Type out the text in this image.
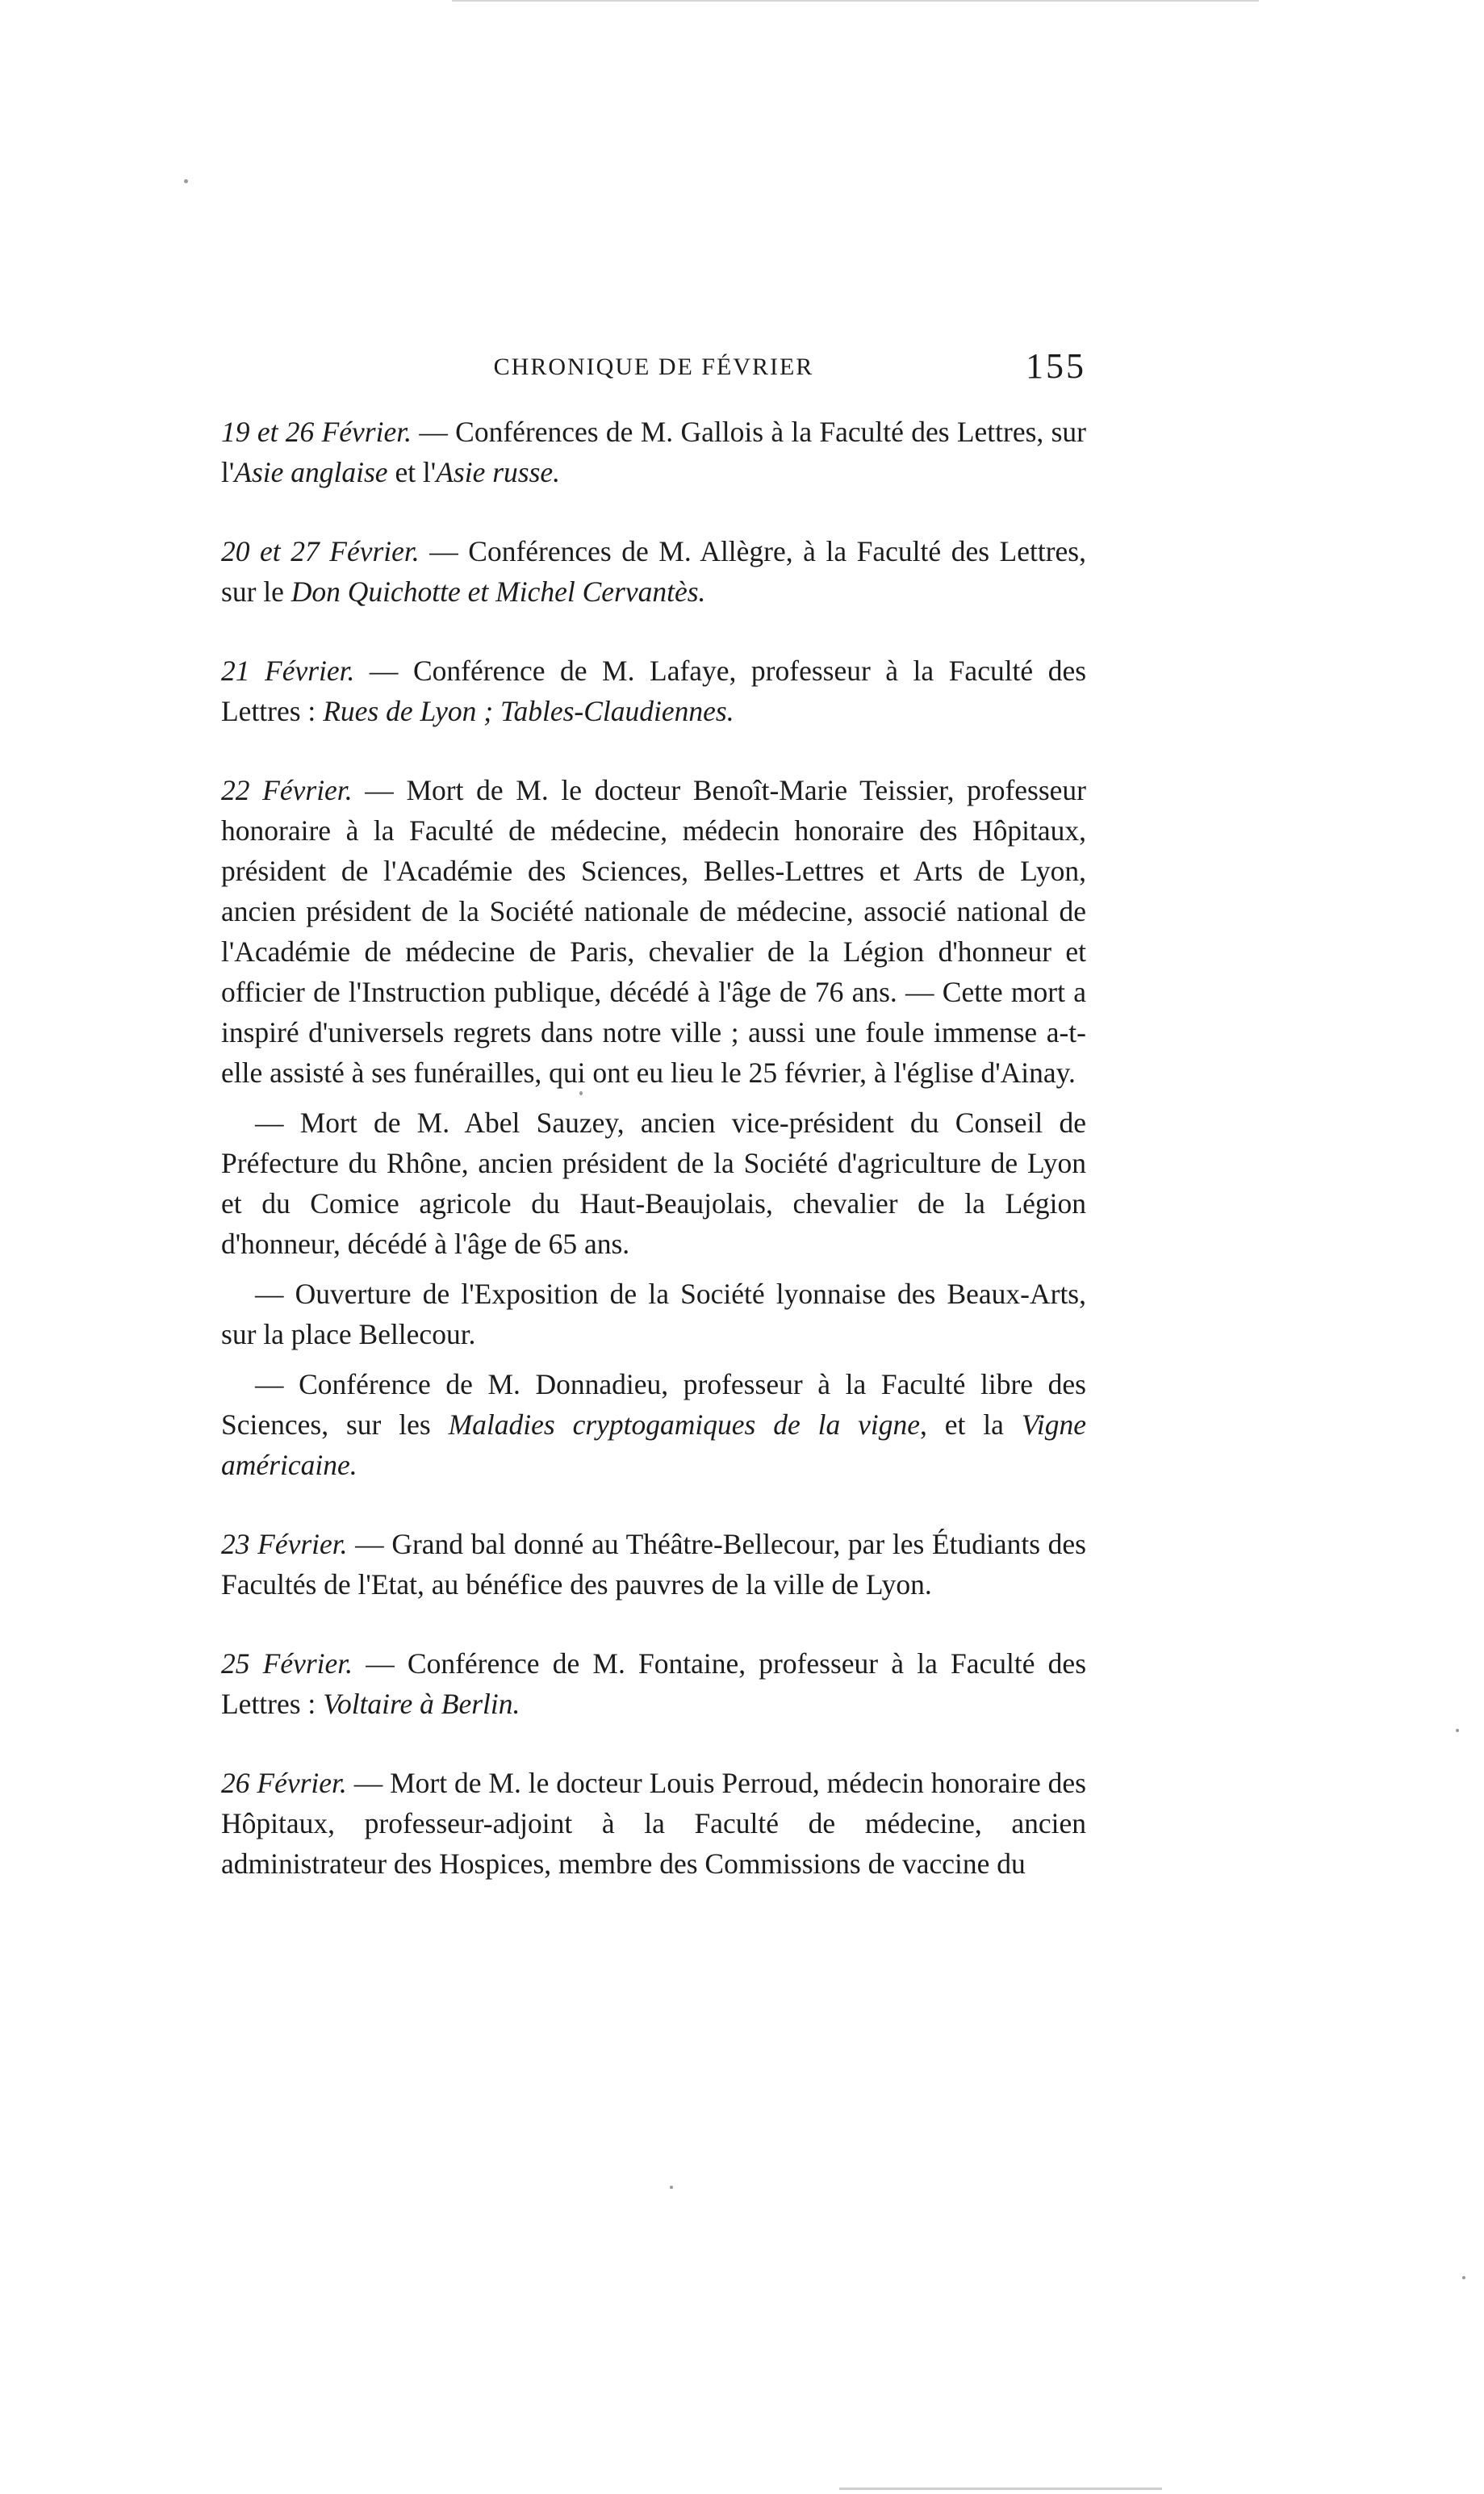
CHRONIQUE DE FÉVRIER	155

19 et 26 Février. — Conférences de M. Gallois à la Faculté des Lettres, sur l'Asie anglaise et l'Asie russe.

20 et 27 Février. — Conférences de M. Allègre, à la Faculté des Lettres, sur le Don Quichotte et Michel Cervantès.

21 Février. — Conférence de M. Lafaye, professeur à la Faculté des Lettres : Rues de Lyon ; Tables-Claudiennes.

22 Février. — Mort de M. le docteur Benoît-Marie Teissier, professeur honoraire à la Faculté de médecine, médecin honoraire des Hôpitaux, président de l'Académie des Sciences, Belles-Lettres et Arts de Lyon, ancien président de la Société nationale de médecine, associé national de l'Académie de médecine de Paris, chevalier de la Légion d'honneur et officier de l'Instruction publique, décédé à l'âge de 76 ans. — Cette mort a inspiré d'universels regrets dans notre ville ; aussi une foule immense a-t-elle assisté à ses funérailles, qui ont eu lieu le 25 février, à l'église d'Ainay.

— Mort de M. Abel Sauzey, ancien vice-président du Conseil de Préfecture du Rhône, ancien président de la Société d'agriculture de Lyon et du Comice agricole du Haut-Beaujolais, chevalier de la Légion d'honneur, décédé à l'âge de 65 ans.

— Ouverture de l'Exposition de la Société lyonnaise des Beaux-Arts, sur la place Bellecour.

— Conférence de M. Donnadieu, professeur à la Faculté libre des Sciences, sur les Maladies cryptogamiques de la vigne, et la Vigne américaine.

23 Février. — Grand bal donné au Théâtre-Bellecour, par les Étudiants des Facultés de l'Etat, au bénéfice des pauvres de la ville de Lyon.

25 Février. — Conférence de M. Fontaine, professeur à la Faculté des Lettres : Voltaire à Berlin.

26 Février. — Mort de M. le docteur Louis Perroud, médecin honoraire des Hôpitaux, professeur-adjoint à la Faculté de médecine, ancien administrateur des Hospices, membre des Commissions de vaccine du
